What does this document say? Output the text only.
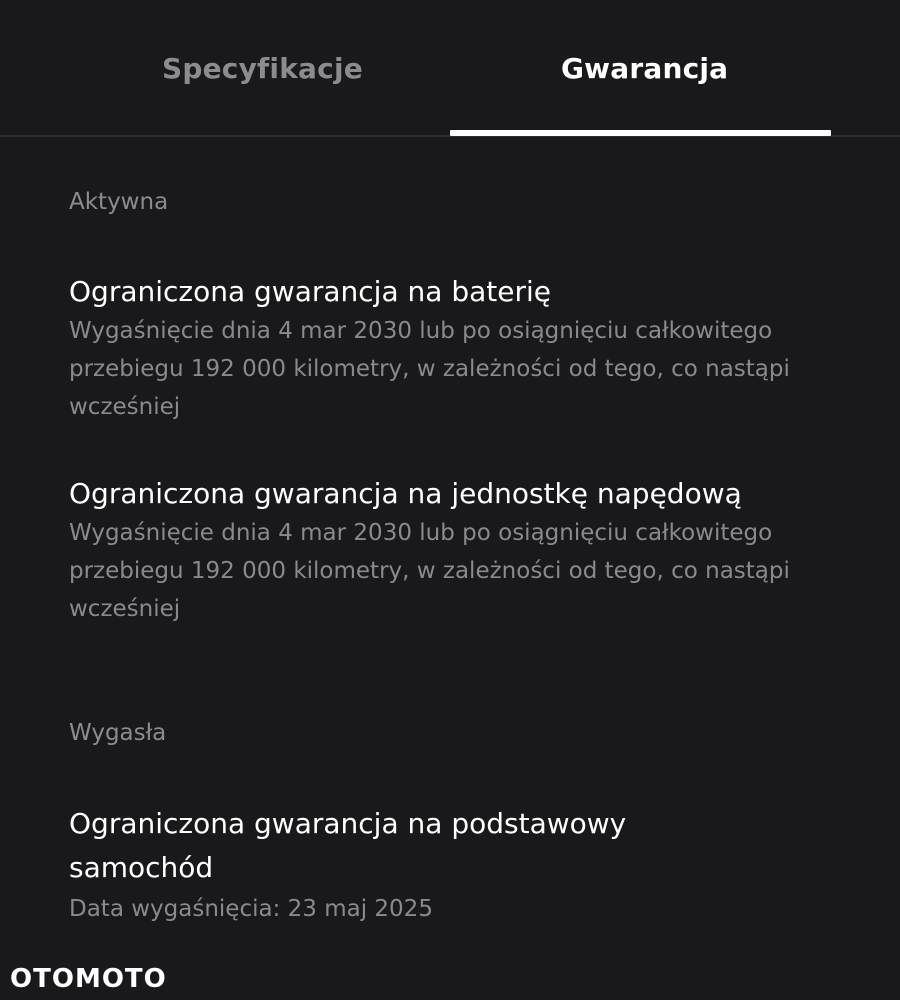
Specyfikacje	Gwarancja
Aktywna
Ograniczona gwarancja na baterię
Wygaśnięcie dnia 4 mar 2030 lub po osiągnięciu całkowitego przebiegu 192 000 kilometry, w zależności od tego, co nastąpi wcześniej
Ograniczona gwarancja na jednostkę napędową
Wygaśnięcie dnia 4 mar 2030 lub po osiągnięciu całkowitego przebiegu 192 000 kilometry, w zależności od tego, co nastąpi wcześniej
Wygasła
Ograniczona gwarancja na podstawowy samochód
Data wygaśnięcia: 23 maj 2025
OTOMOTO
